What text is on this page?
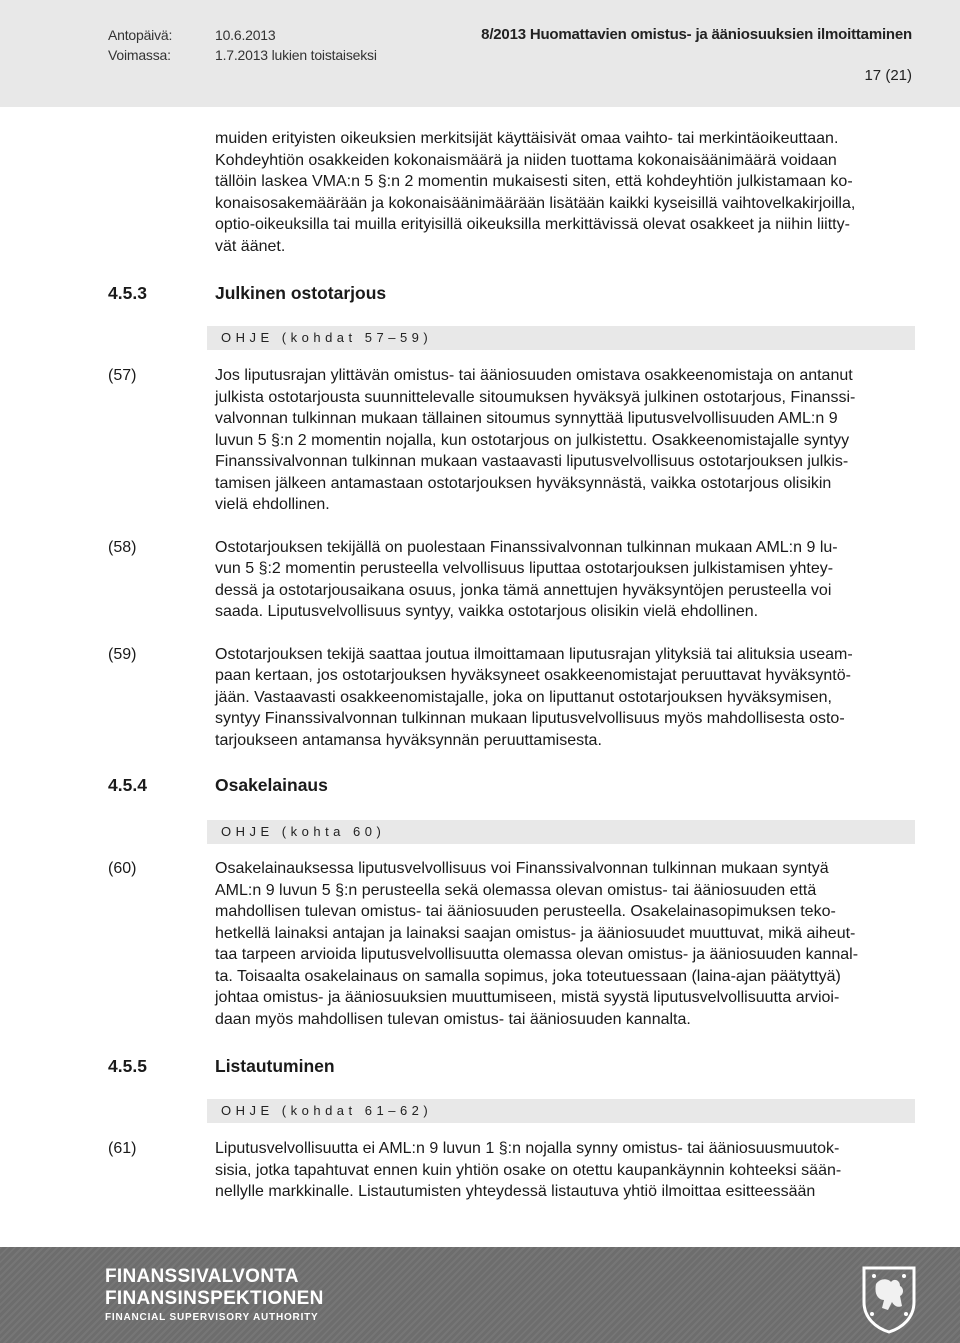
Antopäivä:	10.6.2013
Voimassa:	1.7.2013 lukien toistaiseksi
8/2013 Huomattavien omistus- ja ääniosuuksien ilmoittaminen
17 (21)
muiden erityisten oikeuksien merkitsijät käyttäisivät omaa vaihto- tai merkintäoikeuttaan.
Kohdeyhtiön osakkeiden kokonaismäärä ja niiden tuottama kokonaisäänimäärä voidaan
tällöin laskea VMA:n 5 §:n 2 momentin mukaisesti siten, että kohdeyhtiön julkistamaan ko-
konaisosakemäärään ja kokonaisäänimäärään lisätään kaikki kyseisillä vaihtovelkakirjoilla,
optio-oikeuksilla tai muilla erityisillä oikeuksilla merkittävissä olevat osakkeet ja niihin liitty-
vät äänet.
4.5.3	Julkinen ostotarjous
OHJE (kohdat 57–59)
(57)	Jos liputusrajan ylittävän omistus- tai ääniosuuden omistava osakkeenomistaja on antanut
julkista ostotarjousta suunnittelevalle sitoumuksen hyväksyä julkinen ostotarjous, Finanssi-
valvonnan tulkinnan mukaan tällainen sitoumus synnyttää liputusvelvollisuuden AML:n 9
luvun 5 §:n 2 momentin nojalla, kun ostotarjous on julkistettu. Osakkeenomistajalle syntyy
Finanssivalvonnan tulkinnan mukaan vastaavasti liputusvelvollisuus ostotarjouksen julkis-
tamisen jälkeen antamastaan ostotarjouksen hyväksynnästä, vaikka ostotarjous olisikin
vielä ehdollinen.
(58)	Ostotarjouksen tekijällä on puolestaan Finanssivalvonnan tulkinnan mukaan AML:n 9 lu-
vun 5 §:2 momentin perusteella velvollisuus liputtaa ostotarjouksen julkistamisen yhtey-
dessä ja ostotarjousaikana osuus, jonka tämä annettujen hyväksyntöjen perusteella voi
saada. Liputusvelvollisuus syntyy, vaikka ostotarjous olisikin vielä ehdollinen.
(59)	Ostotarjouksen tekijä saattaa joutua ilmoittamaan liputusrajan ylityksiä tai alituksia useam-
paan kertaan, jos ostotarjouksen hyväksyneet osakkeenomistajat peruuttavat hyväksyntö-
jään. Vastaavasti osakkeenomistajalle, joka on liputtanut ostotarjouksen hyväksymisen,
syntyy Finanssivalvonnan tulkinnan mukaan liputusvelvollisuus myös mahdollisesta osto-
tarjoukseen antamansa hyväksynnän peruuttamisesta.
4.5.4	Osakelainaus
OHJE (kohta 60)
(60)	Osakelainauksessa liputusvelvollisuus voi Finanssivalvonnan tulkinnan mukaan syntyä
AML:n 9 luvun 5 §:n perusteella sekä olemassa olevan omistus- tai ääniosuuden että
mahdollisen tulevan omistus- tai ääniosuuden perusteella. Osakelainasopimuksen teko-
hetkellä lainaksi antajan ja lainaksi saajan omistus- ja ääniosuudet muuttuvat, mikä aiheut-
taa tarpeen arvioida liputusvelvollisuutta olemassa olevan omistus- ja ääniosuuden kannal-
ta. Toisaalta osakelainaus on samalla sopimus, joka toteutuessaan (laina-ajan päätyttyä)
johtaa omistus- ja ääniosuuksien muuttumiseen, mistä syystä liputusvelvollisuutta arvioi-
daan myös mahdollisen tulevan omistus- tai ääniosuuden kannalta.
4.5.5	Listautuminen
OHJE (kohdat 61–62)
(61)	Liputusvelvollisuutta ei AML:n 9 luvun 1 §:n nojalla synny omistus- tai ääniosuusmuutok-
sisia, jotka tapahtuvat ennen kuin yhtiön osake on otettu kaupankäynnin kohteeksi sään-
nellylle markkinalle. Listautumisten yhteydessä listautuva yhtiö ilmoittaa esitteessään
FINANSSIVALVONTA
FINANSINSPEKTIONEN
FINANCIAL SUPERVISORY AUTHORITY
